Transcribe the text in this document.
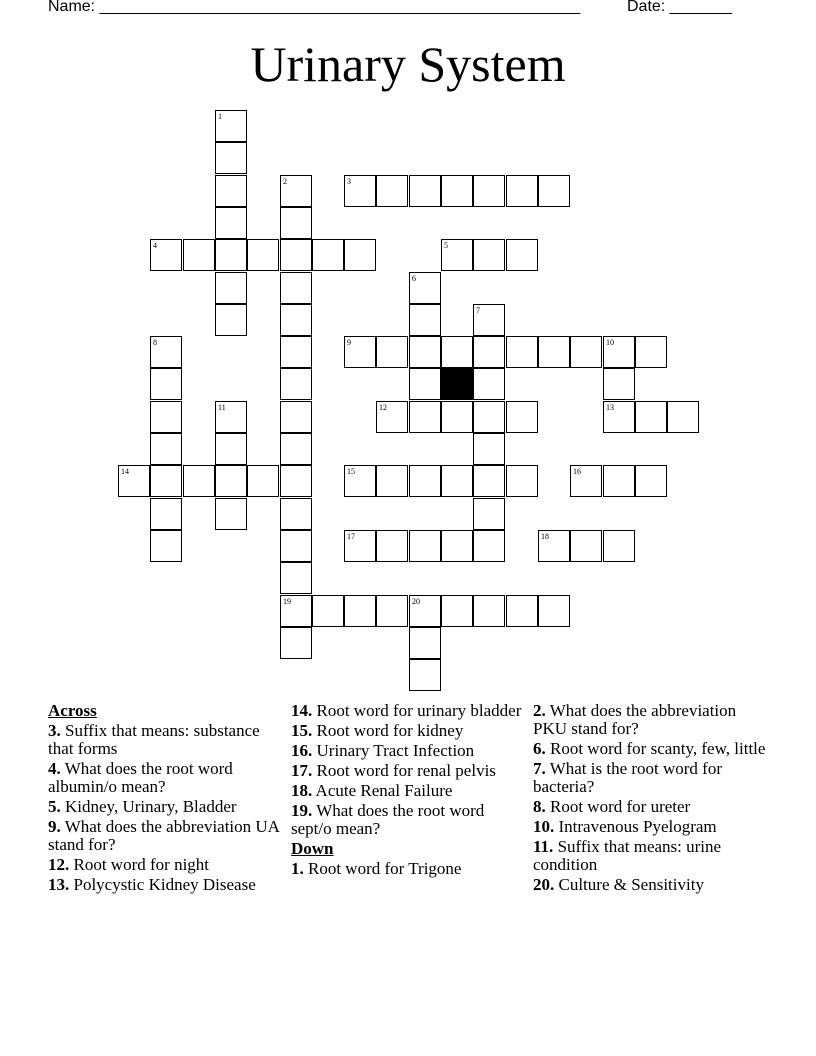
Name: ______________________________________________________	Date: _______
Urinary System
1
2
19
3
4	5
6
7
8	9	10
13
11	12
14	15	16
17	18
20
Across
3. Suffix that means: substance that forms
4. What does the root word albumin/o mean?
5. Kidney, Urinary, Bladder
9. What does the abbreviation UA stand for?
12. Root word for night
13. Polycystic Kidney Disease
14. Root word for urinary bladder
15. Root word for kidney
16. Urinary Tract Infection
17. Root word for renal pelvis
18. Acute Renal Failure
19. What does the root word sept/o mean?
Down
1. Root word for Trigone
2. What does the abbreviation PKU stand for?
6. Root word for scanty, few, little
7. What is the root word for bacteria?
8. Root word for ureter
10. Intravenous Pyelogram
11. Suffix that means: urine condition
20. Culture & Sensitivity
